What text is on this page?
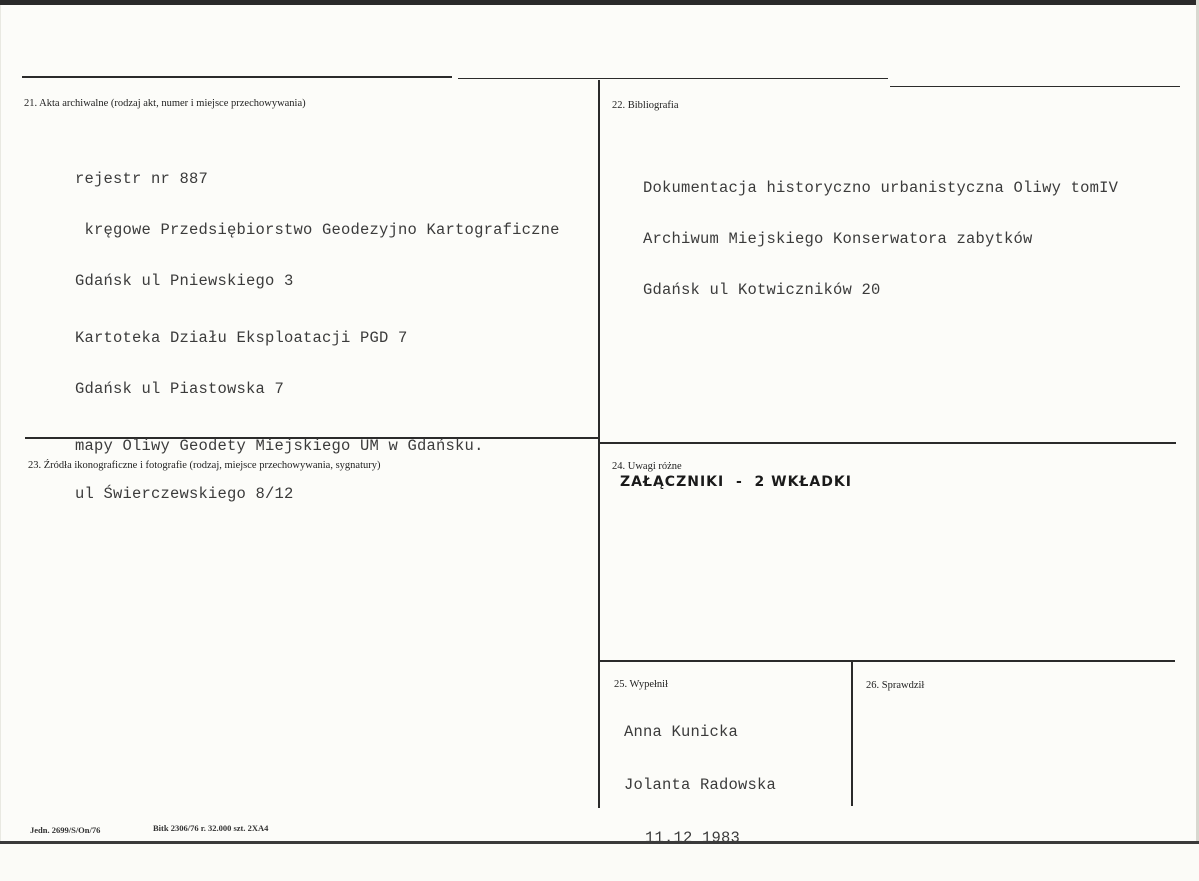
21. Akta archiwalne (rodzaj akt, numer i miejsce przechowywania)

rejestr nr 887

kręgowe Przedsiębiorstwo Geodezyjno Kartograficzne

Gdańsk ul Pniewskiego 3

Kartoteka Działu Eksploatacji PGD 7

Gdańsk ul Piastowska 7

mapy Oliwy Geodety Miejskiego UM w Gdańsku.

ul Świerczewskiego 8/12

22. Bibliografia

Dokumentacja historyczno urbanistyczna Oliwy tomIV

Archiwum Miejskiego Konserwatora zabytków

Gdańsk ul Kotwiczników 20

23. Źródła ikonograficzne i fotografie (rodzaj, miejsce przechowywania, sygnatury)	24. Uwagi różne
ZAŁĄCZNIKI  -  2 WKŁADKI
25. Wypełnił

Anna Kunicka

Jolanta Radowska

11.12 1983

26. Sprawdził
Jedn. 2699/S/On/76	Bitk 2306/76 r. 32.000 szt. 2XA4
